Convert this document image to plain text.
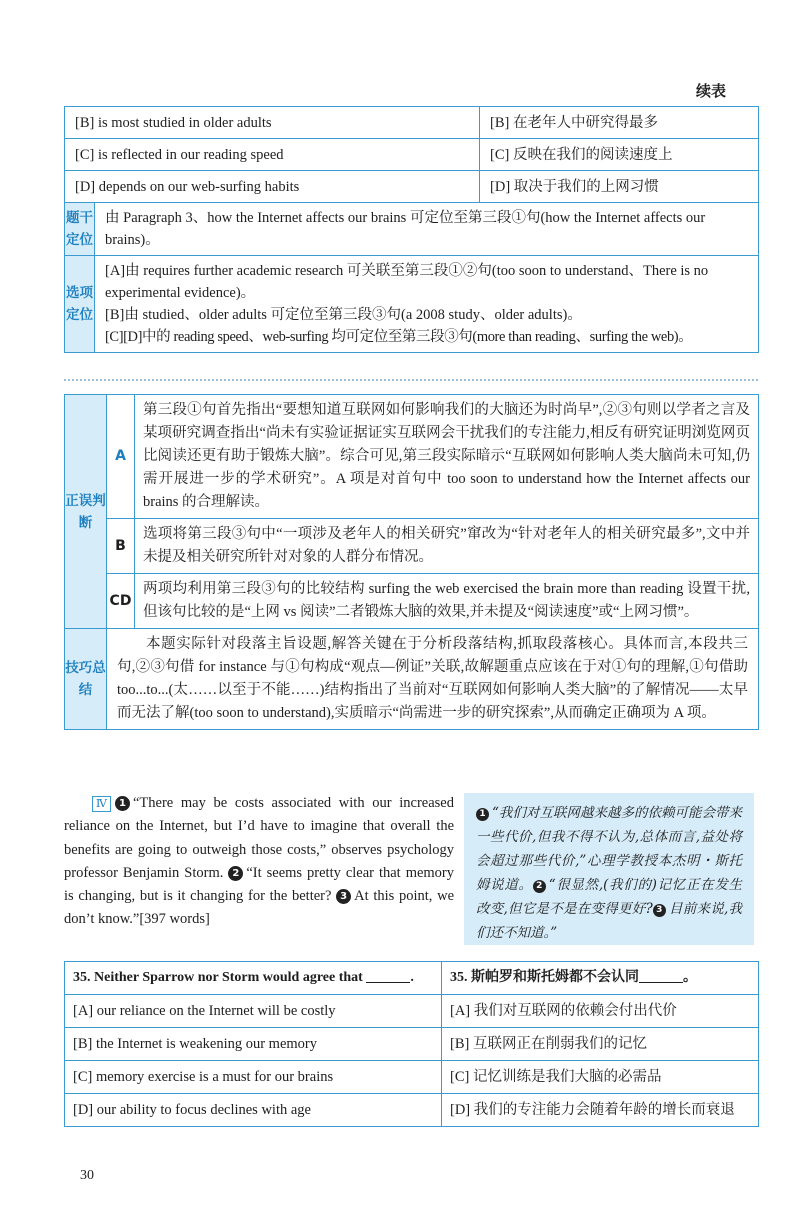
续表
[B] is most studied in older adults		[B] 在老年人中研究得最多
[C] is reflected in our reading speed		[C] 反映在我们的阅读速度上
[D] depends on our web-surfing habits		[D] 取决于我们的上网习惯
题干定位	由 Paragraph 3、how the Internet affects our brains 可定位至第三段①句(how the Internet affects our brains)。	
选项定位	[A]由 requires further academic research 可关联至第三段①②句(too soon to understand、There is no experimental evidence)。
[B]由 studied、older adults 可定位至第三段③句(a 2008 study、older adults)。
[C][D]中的 reading speed、web-surfing 均可定位至第三段③句(more than reading、surfing the web)。	
正误判断	A	第三段①句首先指出“要想知道互联网如何影响我们的大脑还为时尚早”,②③句则以学者之言及某项研究调查指出“尚未有实验证据证实互联网会干扰我们的专注能力,相反有研究证明浏览网页比阅读还更有助于锻炼大脑”。综合可见,第三段实际暗示“互联网如何影响人类大脑尚未可知,仍需开展进一步的学术研究”。A 项是对首句中 too soon to understand how the Internet affects our brains 的合理解读。
	B	选项将第三段③句中“一项涉及老年人的相关研究”窜改为“针对老年人的相关研究最多”,文中并未提及相关研究所针对对象的人群分布情况。
	CD	两项均利用第三段③句的比较结构 surfing the web exercised the brain more than reading 设置干扰,但该句比较的是“上网 vs 阅读”二者锻炼大脑的效果,并未提及“阅读速度”或“上网习惯”。
技巧总结	本题实际针对段落主旨设题,解答关键在于分析段落结构,抓取段落核心。具体而言,本段共三句,②③句借 for instance 与①句构成“观点—例证”关联,故解题重点应该在于对①句的理解,①句借助 too...to...(太……以至于不能……)结构指出了当前对“互联网如何影响人类大脑”的了解情况——太早而无法了解(too soon to understand),实质暗示“尚需进一步的研究探索”,从而确定正确项为 A 项。	
Ⅳ 1 “There may be costs associated with our increased reliance on the Internet, but I’d have to imagine that overall the benefits are going to outweigh those costs,” observes psychology professor Benjamin Storm. 2 “It seems pretty clear that memory is changing, but is it changing for the better? 3 At this point, we don’t know.”[397 words]
1 “我们对互联网越来越多的依赖可能会带来一些代价,但我不得不认为,总体而言,益处将会超过那些代价,”心理学教授本杰明・斯托姆说道。 2 “很显然,(我们的)记忆正在发生改变,但它是不是在变得更好? 3 目前来说,我们还不知道。”
35. Neither Sparrow nor Storm would agree that .	35. 斯帕罗和斯托姆都不会认同 。
[A] our reliance on the Internet will be costly	[A] 我们对互联网的依赖会付出代价
[B] the Internet is weakening our memory	[B] 互联网正在削弱我们的记忆
[C] memory exercise is a must for our brains	[C] 记忆训练是我们大脑的必需品
[D] our ability to focus declines with age	[D] 我们的专注能力会随着年龄的增长而衰退
30
